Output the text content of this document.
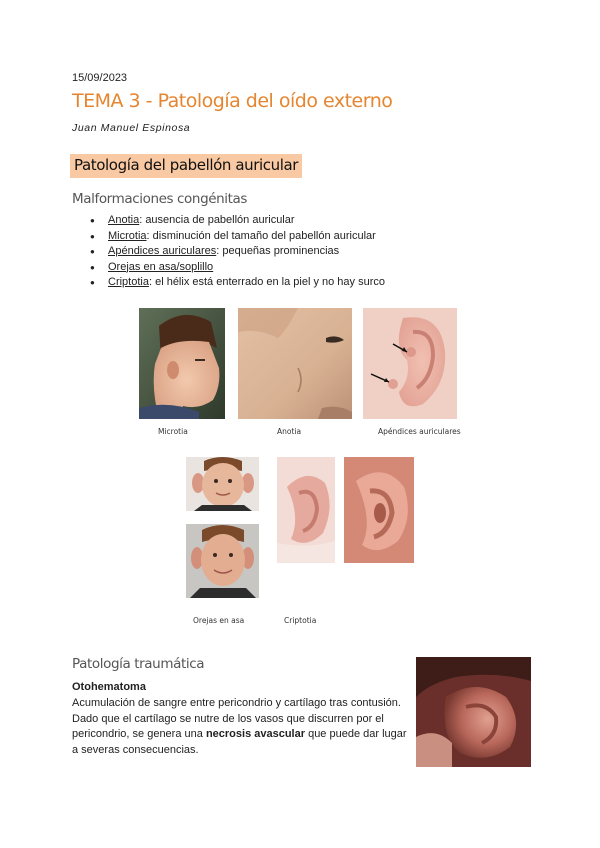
15/09/2023
TEMA 3 - Patología del oído externo
Juan Manuel Espinosa
Patología del pabellón auricular
Malformaciones congénitas
● Anotia: ausencia de pabellón auricular
● Microtia: disminución del tamaño del pabellón auricular
● Apéndices auriculares: pequeñas prominencias
● Orejas en asa/soplillo
● Criptotia: el hélix está enterrado en la piel y no hay surco
Microtia	Anotia	Apéndices auriculares
Orejas en asa	Criptotia
Patología traumática
Otohematoma
Acumulación de sangre entre pericondrio y cartílago tras contusión. Dado que el cartílago se nutre de los vasos que discurren por el pericondrio, se genera una necrosis avascular que puede dar lugar a severas consecuencias.
